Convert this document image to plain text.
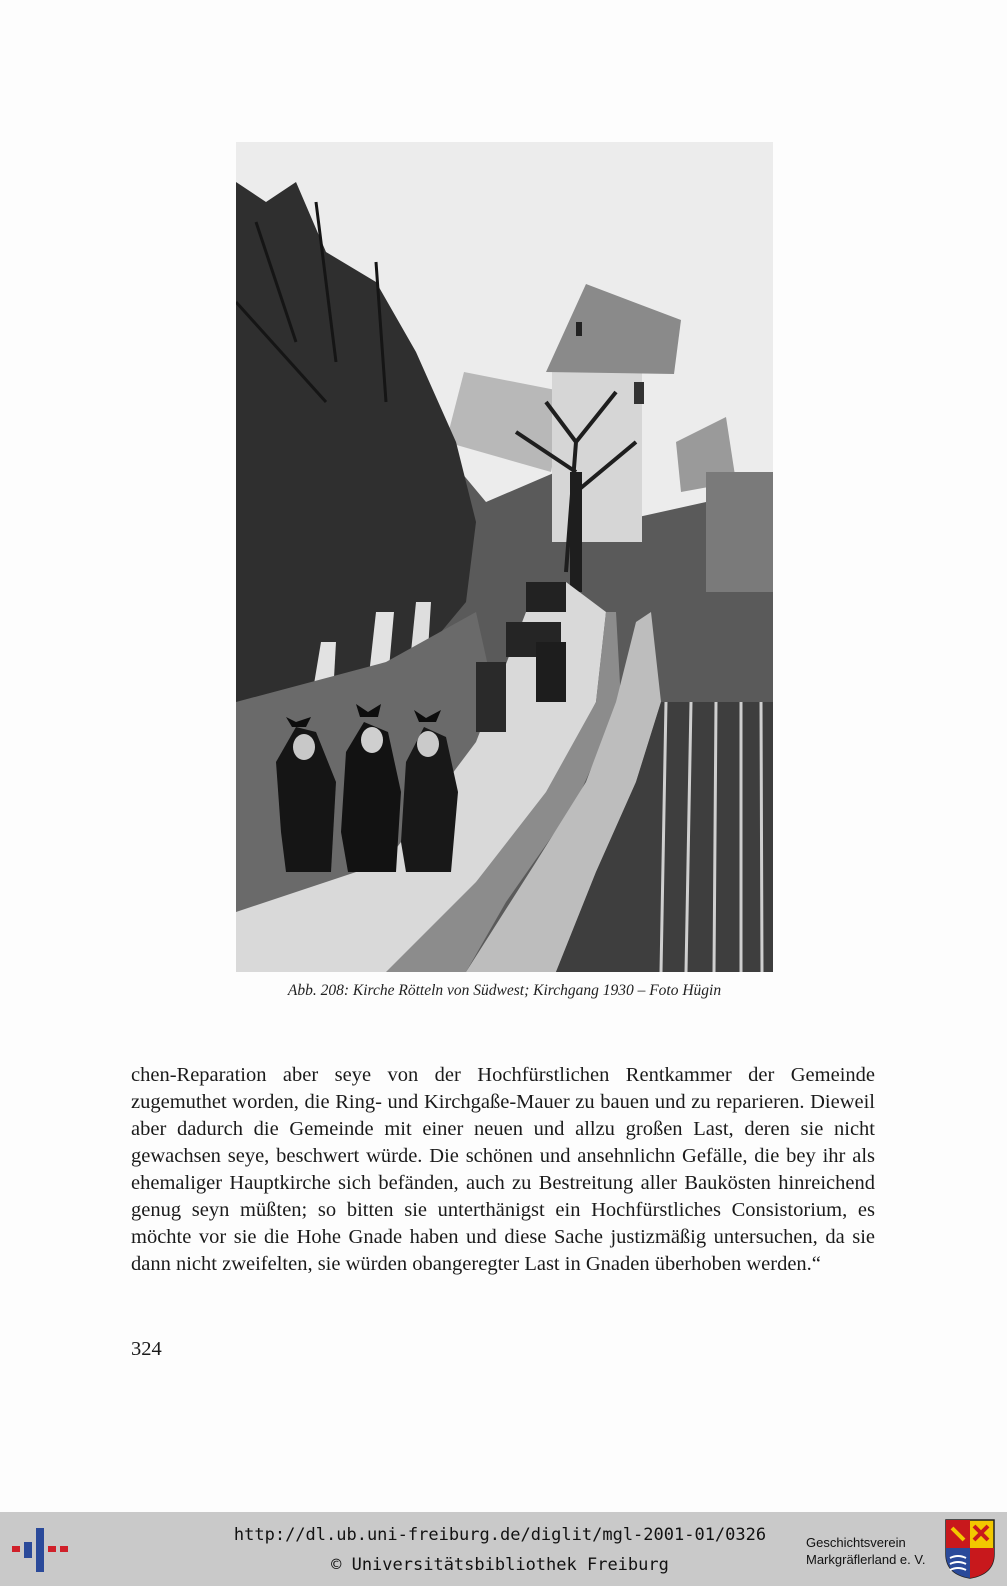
Abb. 208: Kirche Rötteln von Südwest; Kirchgang 1930 – Foto Hügin

chen-Reparation aber seye von der Hochfürstlichen Rentkammer der Gemeinde zugemuthet worden, die Ring- und Kirchgaße-Mauer zu bauen und zu reparieren. Dieweil aber dadurch die Gemeinde mit einer neuen und allzu großen Last, deren sie nicht gewachsen seye, beschwert würde. Die schönen und ansehnlichn Gefälle, die bey ihr als ehemaliger Hauptkirche sich befänden, auch zu Bestreitung aller Baukösten hinreichend genug seyn müßten; so bitten sie unterthänigst ein Hochfürstliches Consistorium, es möchte vor sie die Hohe Gnade haben und diese Sache justizmäßig untersuchen, da sie dann nicht zweifelten, sie würden obangeregter Last in Gnaden überhoben werden.“

324
http://dl.ub.uni-freiburg.de/diglit/mgl-2001-01/0326
© Universitätsbibliothek Freiburg
Geschichtsverein
Markgräflerland e. V.
